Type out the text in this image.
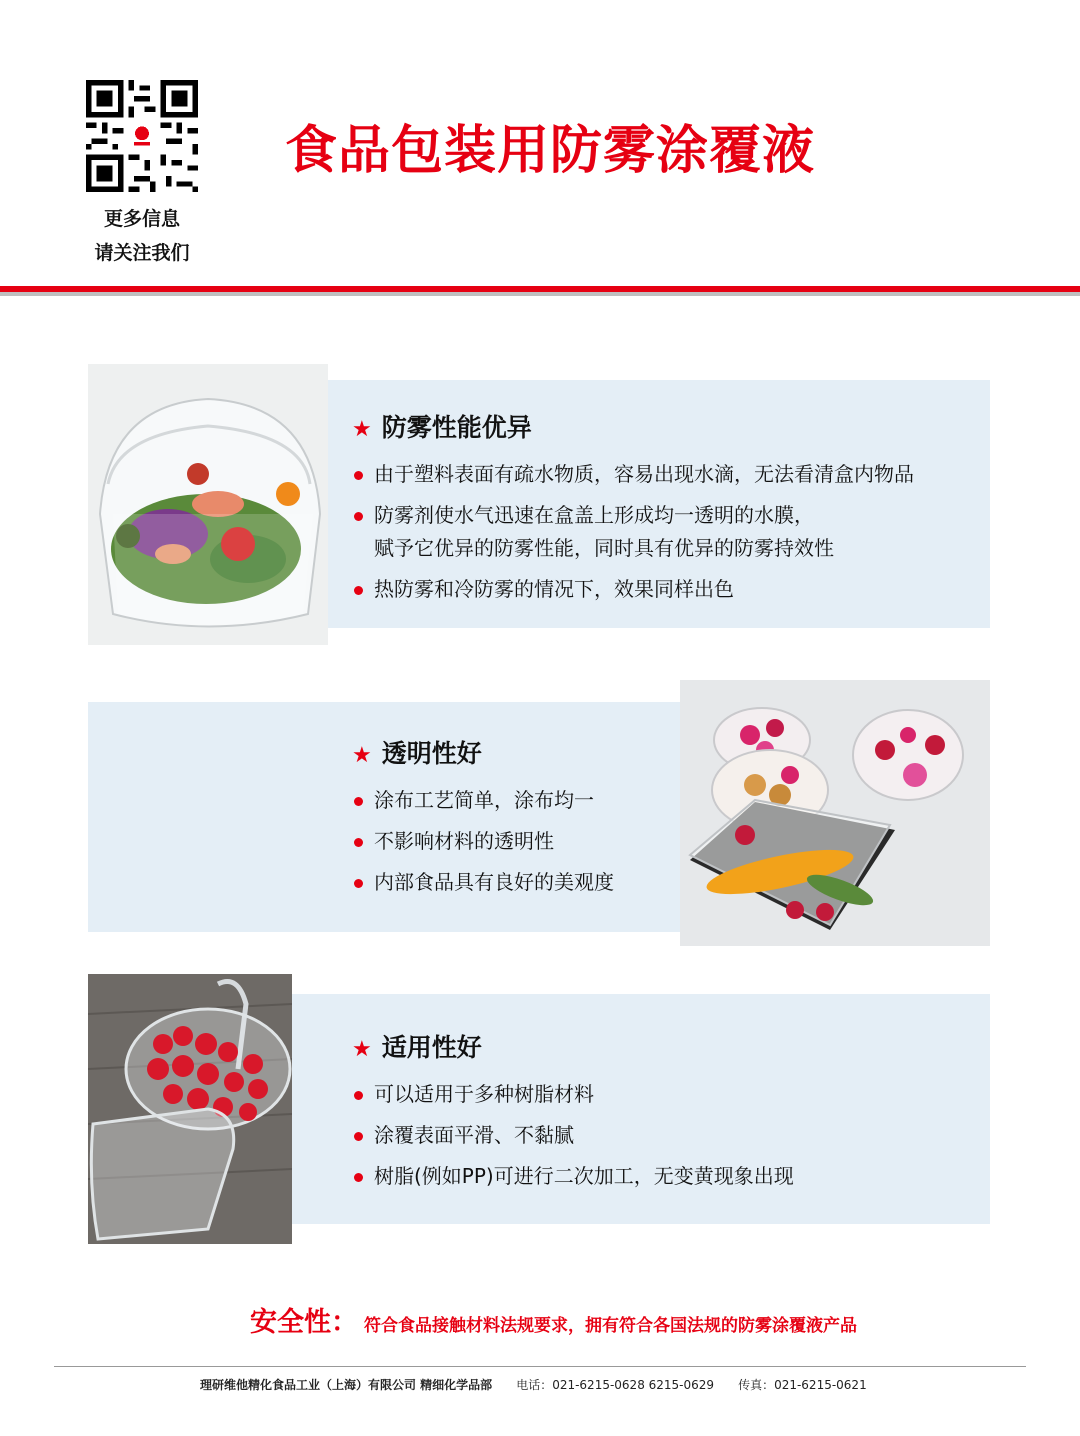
更多信息
请关注我们
食品包装用防雾涂覆液
★ 防雾性能优异
由于塑料表面有疏水物质，容易出现水滴，无法看清盒内物品
防雾剂使水气迅速在盒盖上形成均一透明的水膜，
赋予它优异的防雾性能，同时具有优异的防雾持效性
热防雾和冷防雾的情况下，效果同样出色
★ 透明性好
涂布工艺简单，涂布均一
不影响材料的透明性
内部食品具有良好的美观度
★ 适用性好
可以适用于多种树脂材料
涂覆表面平滑、不黏腻
树脂(例如PP)可进行二次加工，无变黄现象出现
安全性： 符合食品接触材料法规要求，拥有符合各国法规的防雾涂覆液产品
理研维他精化食品工业（上海）有限公司 精细化学品部 电话：021-6215-0628 6215-0629 传真：021-6215-0621
